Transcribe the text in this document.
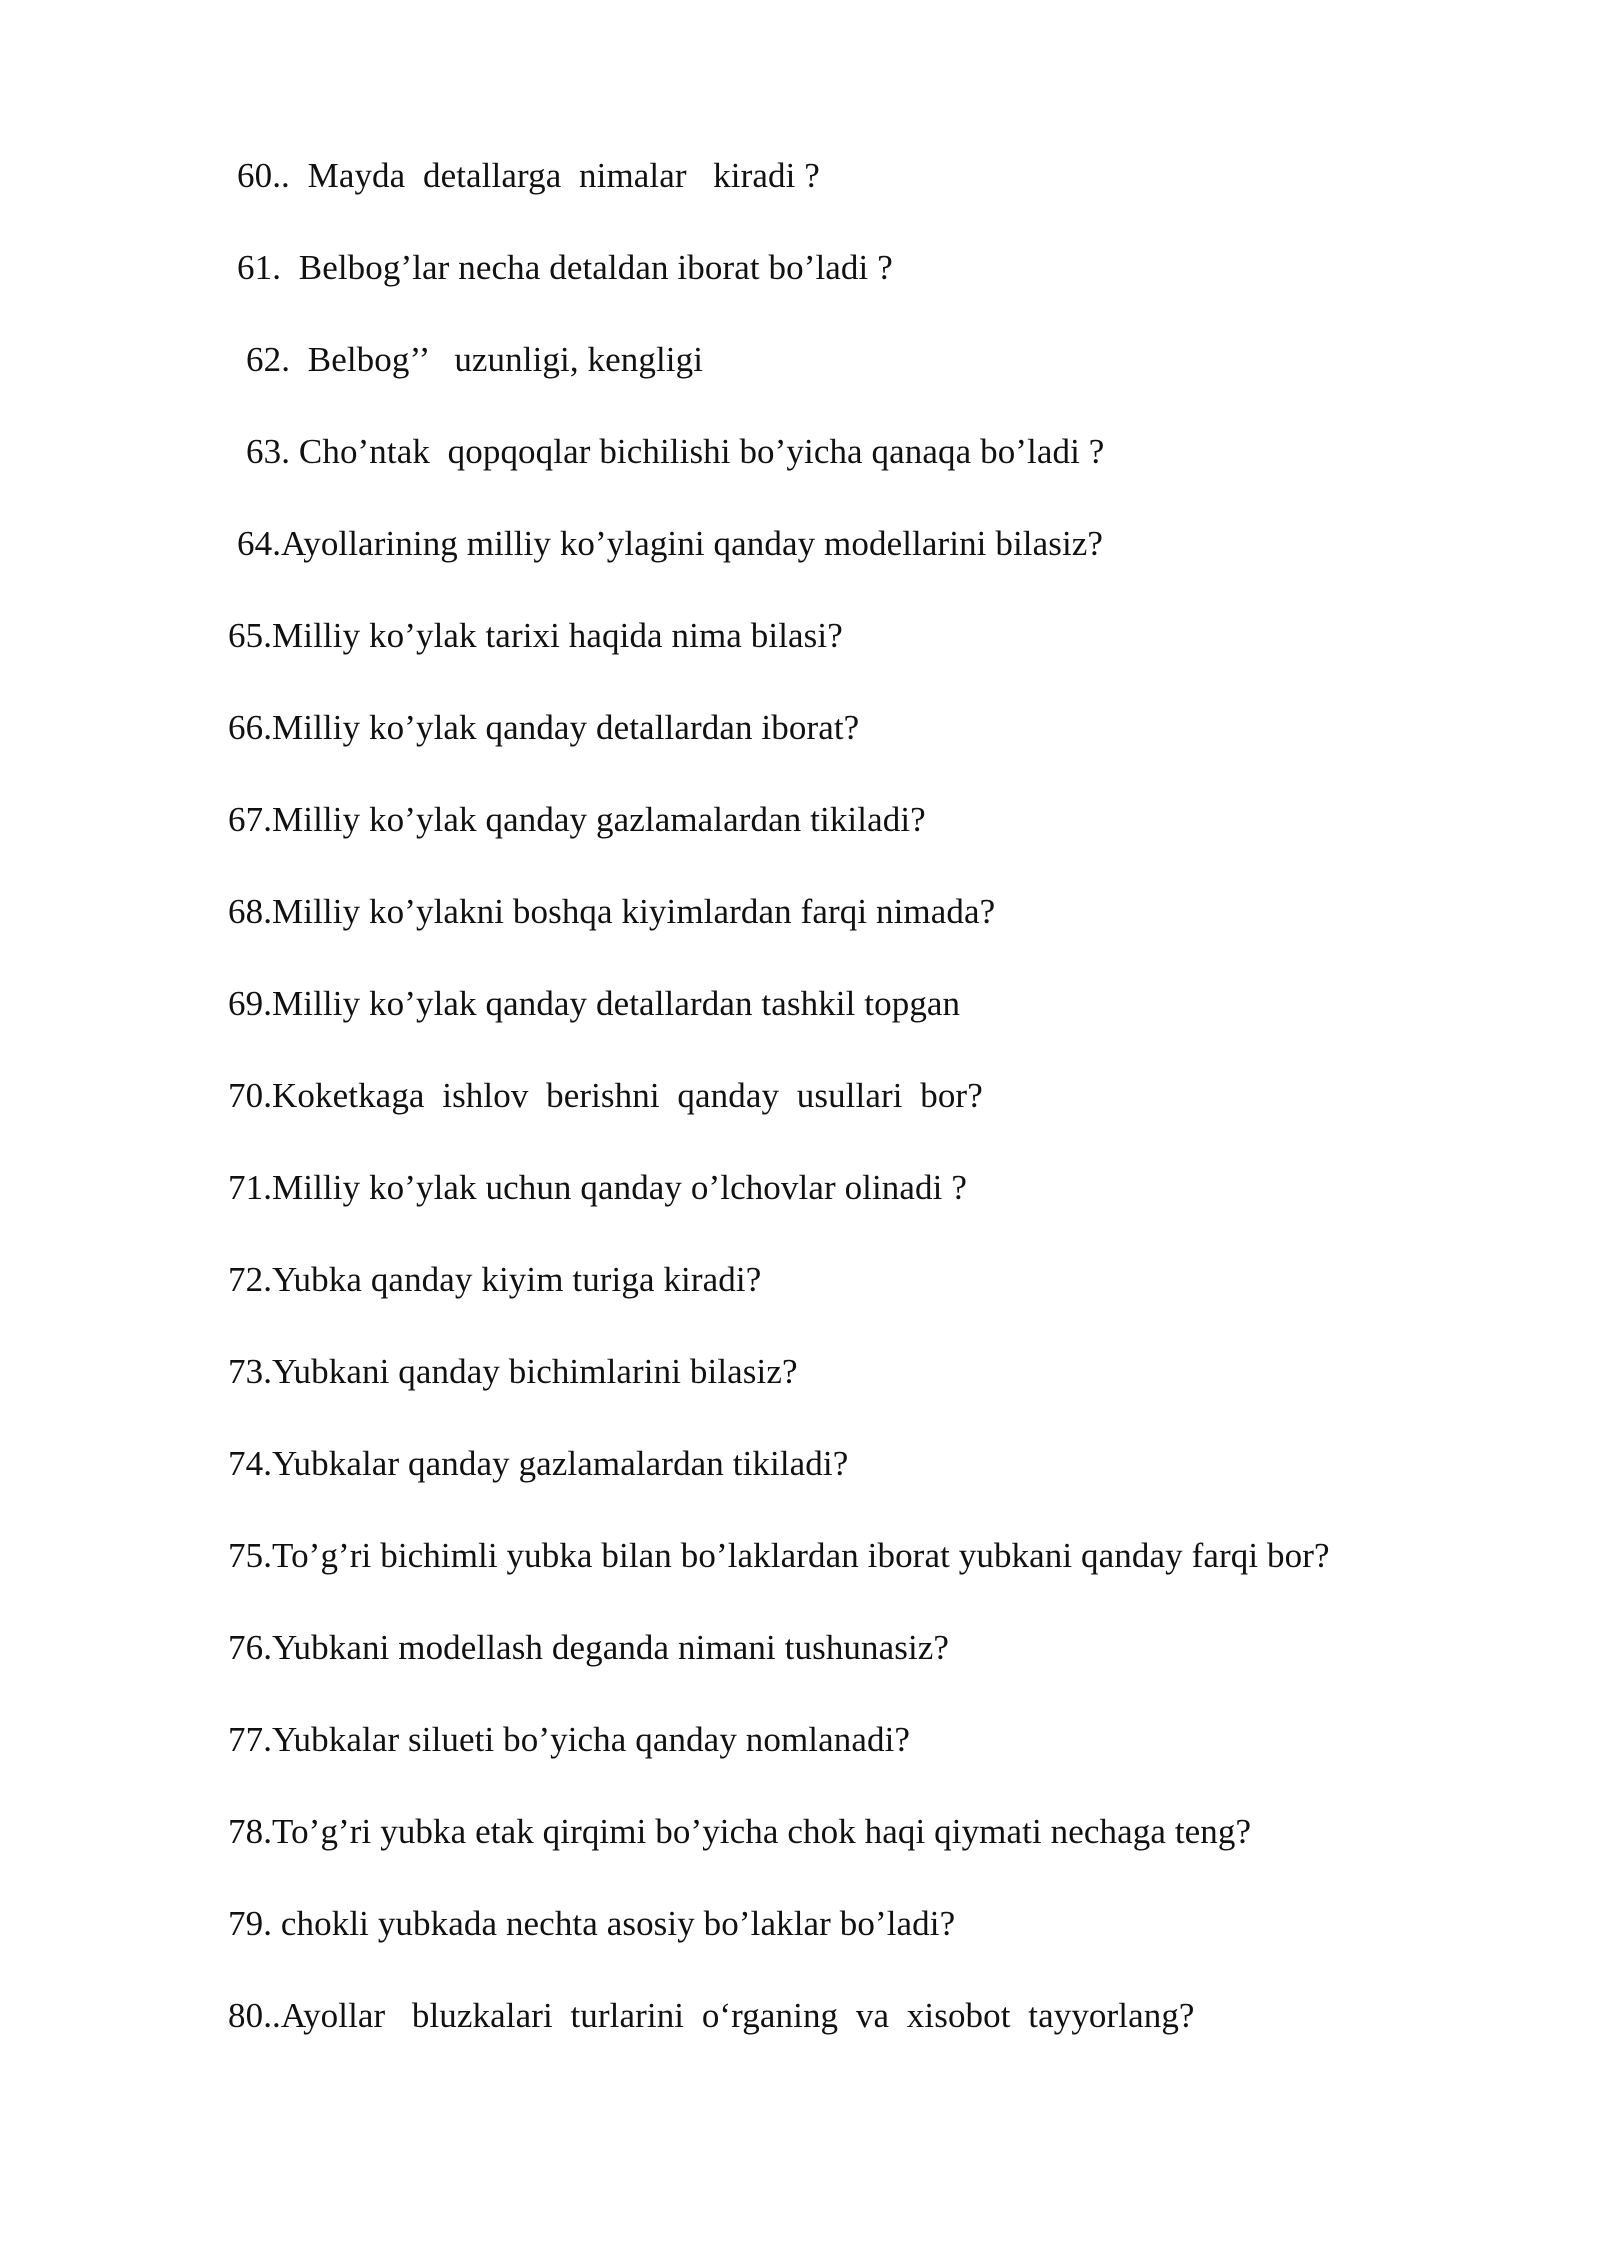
60..  Mayda  detallarga  nimalar   kiradi ?
61.  Belbog’lar necha detaldan iborat bo’ladi ?
62.  Belbog’’   uzunligi, kengligi
63. Cho’ntak  qopqoqlar bichilishi bo’yicha qanaqa bo’ladi ?
64.Ayollarining milliy ko’ylagini qanday modellarini bilasiz?
65.Milliy ko’ylak tarixi haqida nima bilasi?
66.Milliy ko’ylak qanday detallardan iborat?
67.Milliy ko’ylak qanday gazlamalardan tikiladi?
68.Milliy ko’ylakni boshqa kiyimlardan farqi nimada?
69.Milliy ko’ylak qanday detallardan tashkil topgan
70.Koketkaga  ishlov  berishni  qanday  usullari  bor?
71.Milliy ko’ylak uchun qanday o’lchovlar olinadi ?
72.Yubka qanday kiyim turiga kiradi?
73.Yubkani qanday bichimlarini bilasiz?
74.Yubkalar qanday gazlamalardan tikiladi?
75.To’g’ri bichimli yubka bilan bo’laklardan iborat yubkani qanday farqi bor?
76.Yubkani modellash deganda nimani tushunasiz?
77.Yubkalar silueti bo’yicha qanday nomlanadi?
78.To’g’ri yubka etak qirqimi bo’yicha chok haqi qiymati nechaga teng?
79. chokli yubkada nechta asosiy bo’laklar bo’ladi?
80..Ayollar   bluzkalari  turlarini  o‘rganing  va  xisobot  tayyorlang?
